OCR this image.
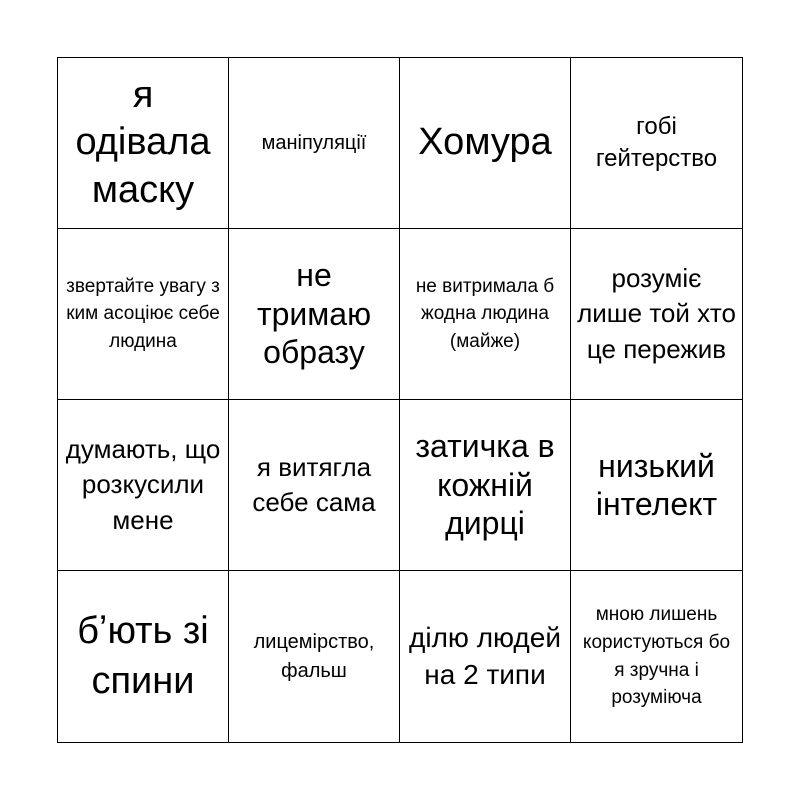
я одівала маску
маніпуляції Хомура	гобі гейтерство
звертайте увагу з ким асоціює себе людина
не тримаю образу
не витримала б жодна людина (майже)
розуміє лише той хто це пережив
думають, що розкусили мене
я витягла себе сама
затичка в кожній дирці
низький інтелект
бʼють зі спини
лицемірство, фальш
ділю людей на 2 типи
мною лишень користуються бо я зручна і розуміюча
